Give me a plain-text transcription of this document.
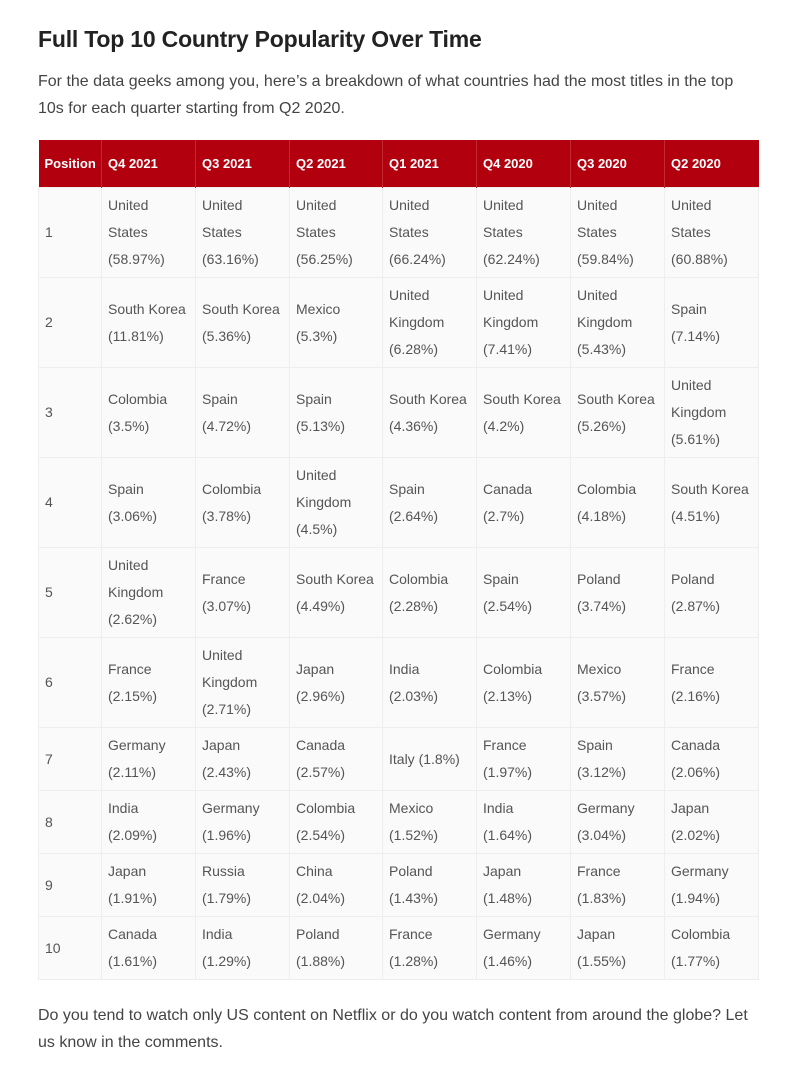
Full Top 10 Country Popularity Over Time

For the data geeks among you, here’s a breakdown of what countries had the most titles in the top 10s for each quarter starting from Q2 2020.

Position	Q4 2021	Q3 2021	Q2 2021	Q1 2021	Q4 2020	Q3 2020	Q2 2020
1	United States (58.97%)	United States (63.16%)	United States (56.25%)	United States (66.24%)	United States (62.24%)	United States (59.84%)	United States (60.88%)
2	South Korea (11.81%)	South Korea (5.36%)	Mexico (5.3%)	United Kingdom (6.28%)	United Kingdom (7.41%)	United Kingdom (5.43%)	Spain (7.14%)
3	Colombia (3.5%)	Spain (4.72%)	Spain (5.13%)	South Korea (4.36%)	South Korea (4.2%)	South Korea (5.26%)	United Kingdom (5.61%)
4	Spain (3.06%)	Colombia (3.78%)	United Kingdom (4.5%)	Spain (2.64%)	Canada (2.7%)	Colombia (4.18%)	South Korea (4.51%)
5	United Kingdom (2.62%)	France (3.07%)	South Korea (4.49%)	Colombia (2.28%)	Spain (2.54%)	Poland (3.74%)	Poland (2.87%)
6	France (2.15%)	United Kingdom (2.71%)	Japan (2.96%)	India (2.03%)	Colombia (2.13%)	Mexico (3.57%)	France (2.16%)
7	Germany (2.11%)	Japan (2.43%)	Canada (2.57%)	Italy (1.8%)	France (1.97%)	Spain (3.12%)	Canada (2.06%)
8	India (2.09%)	Germany (1.96%)	Colombia (2.54%)	Mexico (1.52%)	India (1.64%)	Germany (3.04%)	Japan (2.02%)
9	Japan (1.91%)	Russia (1.79%)	China (2.04%)	Poland (1.43%)	Japan (1.48%)	France (1.83%)	Germany (1.94%)
10	Canada (1.61%)	India (1.29%)	Poland (1.88%)	France (1.28%)	Germany (1.46%)	Japan (1.55%)	Colombia (1.77%)

Do you tend to watch only US content on Netflix or do you watch content from around the globe? Let us know in the comments.
